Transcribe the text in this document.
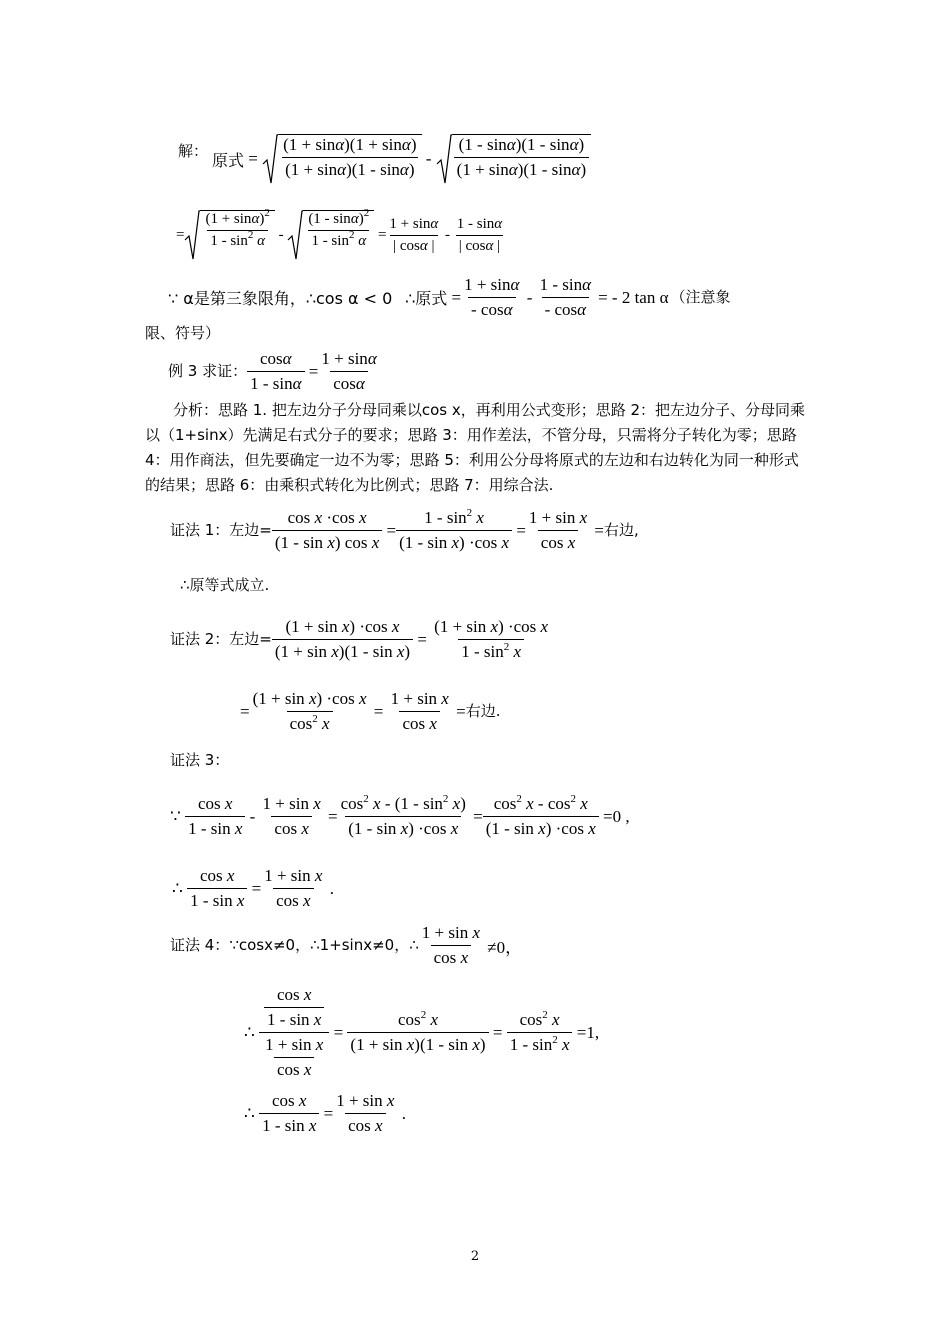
解： 原式 = $\frac{(1 + \sin\alpha)(1 + \sin\alpha)}{(1 + \sin\alpha)(1 - \sin\alpha)} - \frac{(1 - \sin\alpha)(1 - \sin\alpha)}{(1 + \sin\alpha)(1 - \sin\alpha)}$
= $\frac{(1 + \sin\alpha)^2}{1 - \sin^2 \alpha} - \frac{(1 - \sin\alpha)^2}{1 - \sin^2 \alpha} = \frac{1 + \sin\alpha}{| \cos\alpha |} - \frac{1 - \sin\alpha}{| \cos\alpha |}$
∵ α是第三象限角，∴cos α < 0
∴原式 = $\frac{1 + \sin\alpha}{- \cos\alpha} - \frac{1 - \sin\alpha}{- \cos\alpha}$ = - 2 tan α （注意象
限、符号）
例 3 求证： $\frac{\cos\alpha}{1 - \sin\alpha} = \frac{1 + \sin\alpha}{\cos\alpha}$
分析：思路 1. 把左边分子分母同乘以cos x，再利用公式变形；思路 2：把左边分子、分母同乘以（1+sinx）先满足右式分子的要求；思路 3：用作差法，不管分母，只需将分子转化为零；思路 4：用作商法，但先要确定一边不为零；思路 5：利用公分母将原式的左边和右边转化为同一种形式的结果；思路 6：由乘积式转化为比例式；思路 7：用综合法.
证法 1：左边= $\frac{\text{cos x ·cos x}}{\text{(1 - sin x) cos x}} = \frac{1 - \sin^2 x}{\text{(1 - sin x) ·cos x}} = \frac{\text{1 + sin x}}{\text{cos x}}$ = 右边,
∴原等式成立.
证法 2：左边= $\frac{\text{(1 + sin x) ·cos x}}{\text{(1 + sin x)(1 - sin x)}} = \frac{\text{(1 + sin x) ·cos x}}{1 - \sin^2 x}$
= $\frac{\text{(1 + sin x) ·cos x}}{\cos^2 x} = \frac{\text{1 + sin x}}{\text{cos x}}$ = 右边.
证法 3：
∵ $\frac{\text{cos x}}{\text{1 - sin x}} - \frac{\text{1 + sin x}}{\text{cos x}} = \frac{\cos^2 x - (1 - \sin^2 x)}{\text{(1 - sin x) ·cos x}} = \frac{\cos^2 x - \cos^2 x}{\text{(1 - sin x) ·cos x}} =0$ ,
∴ $\frac{\text{cos x}}{\text{1 - sin x}} = \frac{\text{1 + sin x}}{\text{cos x}}$ .
证法 4： ∵cosx≠0，∴1+sinx≠0，∴ $\frac{\text{1 + sin x}}{\text{cos x}} \ne 0$，
∴ $\frac{\frac{\text{cos x}}{\text{1 - sin x}}}{\frac{\text{1 + sin x}}{\text{cos x}}} = \frac{\cos^2 x}{\text{(1 + sin x)(1 - sin x)}} = \frac{\cos^2 x}{1 - \sin^2 x} =1$,
∴ $\frac{\text{cos x}}{\text{1 - sin x}} = \frac{\text{1 + sin x}}{\text{cos x}}$ .
2
